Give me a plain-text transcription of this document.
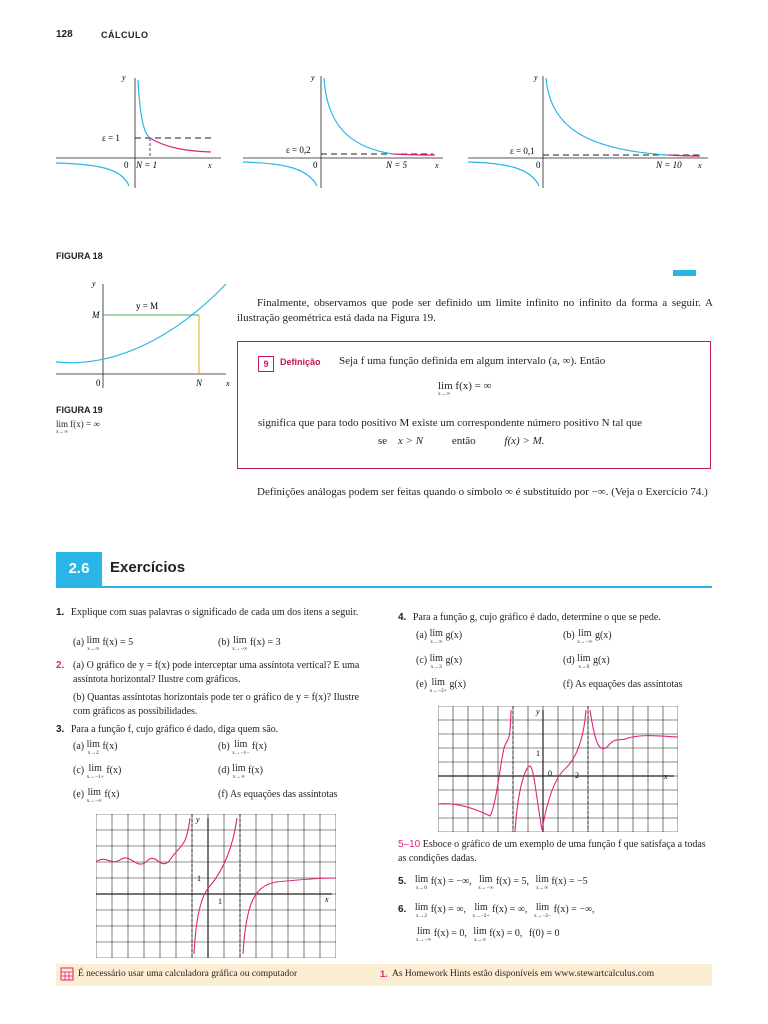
128	CÁLCULO
y
ε = 1
0 N = 1	x
y
ε = 0,2
0	N = 5	x
y
ε = 0,1
0	N = 10 x
FIGURA 18
y
y = M
M
0	N	x
FIGURA 19
lim f(x) = ∞
x→∞
Finalmente, observamos que pode ser definido um limite infinito no infinito da forma a seguir. A ilustração geométrica está dada na Figura 19.
9	Definição Seja f uma função definida em algum intervalo (a, ∞). Então
lim f(x) = ∞
x→∞
significa que para todo positivo M existe um correspondente número positivo N tal que
se x > N	então	f(x) > M.
Definições análogas podem ser feitas quando o símbolo ∞ é substituído por −∞. (Veja o Exercício 74.)
2.6	Exercícios
1. Explique com suas palavras o significado de cada um dos itens a seguir.
(a) lim
x→∞
f(x) = 5	(b) lim
x→−∞
f(x) = 3
2. (a) O gráfico de y = f(x) pode interceptar uma assíntota vertical? E uma assíntota horizontal? Ilustre com gráficos.
(b) Quantas assíntotas horizontais pode ter o gráfico de y = f(x)? Ilustre com gráficos as possibilidades.
3. Para a função f, cujo gráfico é dado, diga quem são.
(a) lim
x→2
f(x)	(b) lim
x→−1−
f(x)
(c) lim
x→−1+
f(x)	(d) lim
x→∞
f(x)
(e) lim
x→−∞
f(x)	(f) As equações das assíntotas
y
1
1	x
4. Para a função g, cujo gráfico é dado, determine o que se pede.
(a) lim
x→∞
g(x)	(b) lim
x→−∞
g(x)
(c) lim
x→3
g(x)	(d) lim
x→0
g(x)
(e) lim
x→−2+
g(x)	(f) As equações das assíntotas
y
1
0	2	x
5–10 Esboce o gráfico de um exemplo de uma função f que satisfaça a todas as condições dadas.
5. lim
x→0
f(x) = −∞, lim
x→−∞
f(x) = 5, lim
x→∞
f(x) = −5
6. lim
x→2
f(x) = ∞, lim
x→−2+
f(x) = ∞, lim
x→−2−
f(x) = −∞,
lim
x→−∞
f(x) = 0, lim
x→∞
f(x) = 0, f(0) = 0
É necessário usar uma calculadora gráfica ou computador	1. As Homework Hints estão disponíveis em www.stewartcalculus.com
